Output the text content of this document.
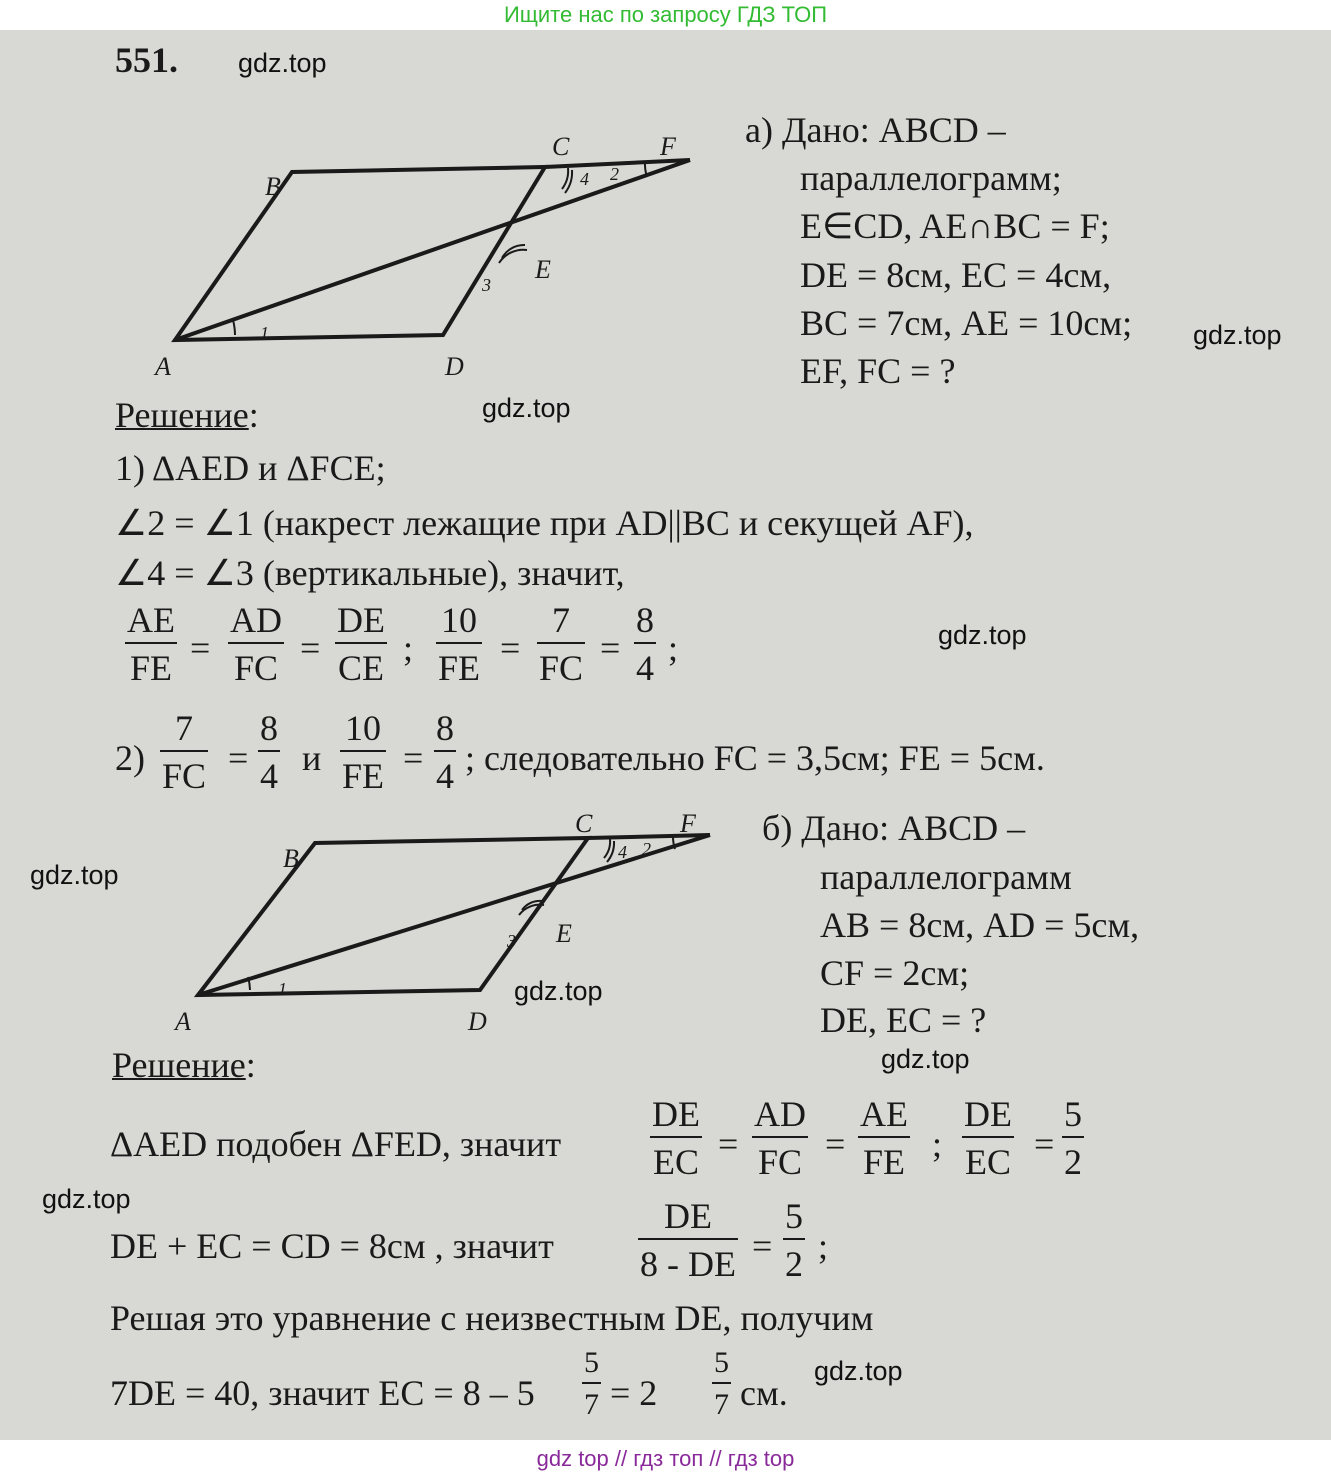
Ищите нас по запросу ГДЗ ТОП
551. gdz.top
gdz.top
gdz.top
gdz.top
gdz.top
gdz.top
gdz.top
gdz.top
gdz.top
B
C	F
E
A	D
1
2
3
4
а) Дано: ABCD –
параллелограмм;
E∈CD, AE∩BC = F;
DE = 8см, EC = 4см,
BC = 7см, AE = 10см;
EF, FC = ?
Решение:
1) ΔAED и ΔFCE;
∠2 = ∠1 (накрест лежащие при AD||BC и секущей AF),
∠4 = ∠3 (вертикальные), значит,
$\frac{AE}{FE} = \frac{AD}{FC} = \frac{DE}{CE}$ ; $\frac{10}{FE} = \frac{7}{FC} = \frac{8}{4}$ ;
$2) \frac{7}{FC} = \frac{8}{4}$ и $\frac{10}{FE} = \frac{8}{4}$ ; следовательно FC = 3,5см; FE = 5см.
B
C	F
E
A	D
1
2
3
4
б) Дано: ABCD –
параллелограмм
AB = 8см, AD = 5см,
CF = 2см;
DE, EC = ?
Решение:
ΔAED подобен ΔFED, значит $\frac{DE}{EC} = \frac{AD}{FC} = \frac{AE}{FE}$ ; $\frac{DE}{EC} = \frac{5}{2}$
DE + EC = CD = 8см , значит $\frac{DE}{8 - DE} = \frac{5}{2}$ ;
Решая это уравнение с неизвестным DE, получим
7DE = 40, значит EC = $8 - 5 \frac{5}{7} = 2 \frac{5}{7}$ см.
gdz top // гдз топ // гдз top
